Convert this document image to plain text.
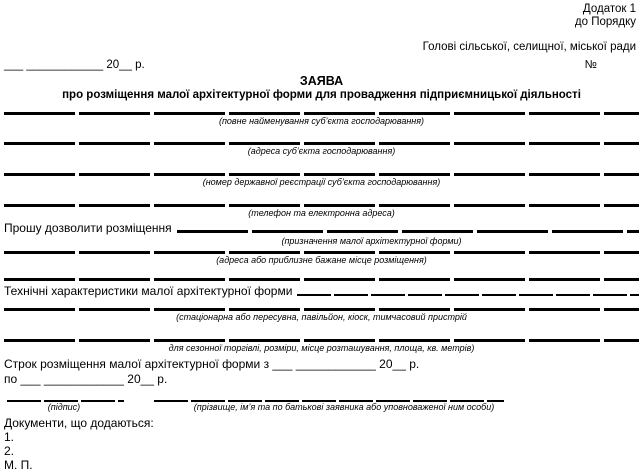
Додаток 1
до Порядку
Голові сільської, селищної, міської ради
___ ____________ 20__ р.	№
ЗАЯВА
про розміщення малої архітектурної форми для провадження підприємницької діяльності
(повне найменування суб’єкта господарювання)
(адреса суб’єкта господарювання)
(номер державної реєстрації суб’єкта господарювання)
(телефон та електронна адреса)
Прошу дозволити розміщення
(призначення малої архітектурної форми)
(адреса або приблизне бажане місце розміщення)
Технічні характеристики малої архітектурної форми
(стаціонарна або пересувна, павільйон, кіоск, тимчасовий пристрій
для сезонної торгівлі, розміри, місце розташування, площа, кв. метрів)
Строк розміщення малої архітектурної форми з ___ ____________ 20__ р.
по ___ ____________ 20__ р.
(підпис)	(прізвище, ім’я та по батькові заявника або уповноваженої ним особи)
Документи, що додаються:
1.
2.
М. П.
